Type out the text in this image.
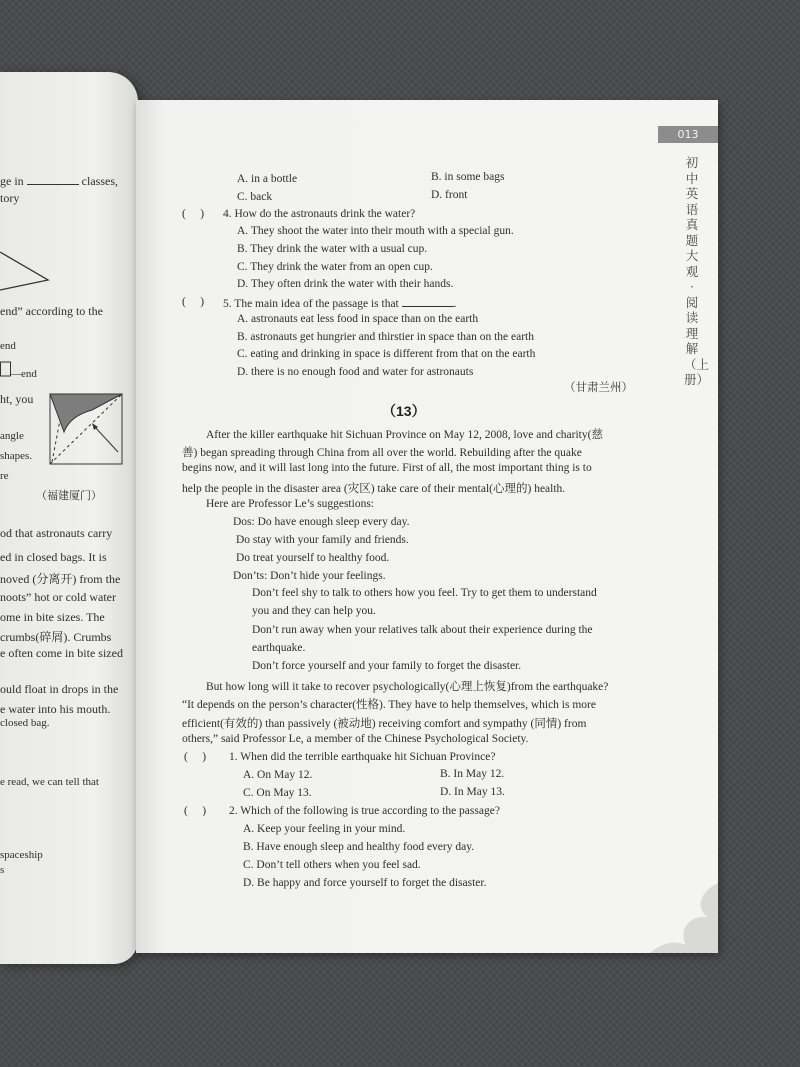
ge in	classes,
tory
end” according to the
end
—end
ht, you
angle
shapes.
re
（福建厦门）
od that astronauts carry
ed in closed bags. It is
noved (分离开) from the
noots” hot or cold water
ome in bite sizes. The
crumbs(碎屑). Crumbs
e often come in bite sized
ould float in drops in the
e water into his mouth.
closed bag.
e read, we can tell that
spaceship
s
013
初中英语真题大观·阅读理解（上册）
A. in a bottle	B. in some bags
C. back	D. front
(     ) 4. How do the astronauts drink the water?
A. They shoot the water into their mouth with a special gun.
B. They drink the water with a usual cup.
C. They drink the water from an open cup.
D. They often drink the water with their hands.
(     ) 5. The main idea of the passage is that	.
A. astronauts eat less food in space than on the earth
B. astronauts get hungrier and thirstier in space than on the earth
C. eating and drinking in space is different from that on the earth
D. there is no enough food and water for astronauts
（甘肃兰州）
（13）
After the killer earthquake hit Sichuan Province on May 12, 2008, love and charity(慈
善) began spreading through China from all over the world. Rebuilding after the quake
begins now, and it will last long into the future. First of all, the most important thing is to
help the people in the disaster area (灾区) take care of their mental(心理的) health.
Here are Professor Le’s suggestions:
Dos: Do have enough sleep every day.
Do stay with your family and friends.
Do treat yourself to healthy food.
Don’ts: Don’t hide your feelings.
Don’t feel shy to talk to others how you feel. Try to get them to understand
you and they can help you.
Don’t run away when your relatives talk about their experience during the
earthquake.
Don’t force yourself and your family to forget the disaster.
But how long will it take to recover psychologically(心理上恢复)from the earthquake?
“It depends on the person’s character(性格). They have to help themselves, which is more
efficient(有效的) than passively (被动地) receiving comfort and sympathy (同情) from
others,” said Professor Le, a member of the Chinese Psychological Society.
(     ) 1. When did the terrible earthquake hit Sichuan Province?
A. On May 12.	B. In May 12.
C. On May 13.	D. In May 13.
(     ) 2. Which of the following is true according to the passage?
A. Keep your feeling in your mind.
B. Have enough sleep and healthy food every day.
C. Don’t tell others when you feel sad.
D. Be happy and force yourself to forget the disaster.
